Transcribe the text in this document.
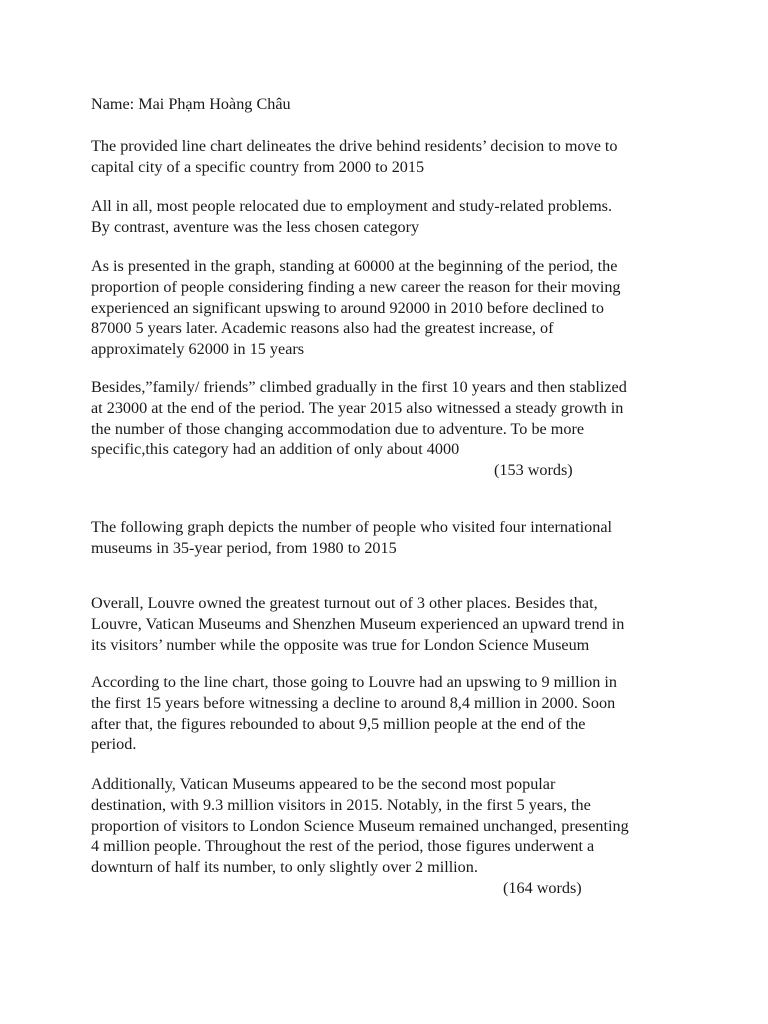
Name: Mai Phạm Hoàng Châu

The provided line chart delineates the drive behind residents’ decision to move to
capital city of a specific country from 2000 to 2015

All in all, most people relocated due to employment and study-related problems.
By contrast, aventure was the less chosen category

As is presented in the graph, standing at 60000 at the beginning of the period, the
proportion of people considering finding a new career the reason for their moving
experienced an significant upswing to around 92000 in 2010 before declined to
87000 5 years later. Academic reasons also had the greatest increase, of
approximately 62000 in 15 years

Besides,”family/ friends” climbed gradually in the first 10 years and then stablized
at 23000 at the end of the period. The year 2015 also witnessed a steady growth in
the number of those changing accommodation due to adventure. To be more
specific,this category had an addition of only about 4000

(153 words)

The following graph depicts the number of people who visited four international
museums in 35-year period, from 1980 to 2015

Overall, Louvre owned the greatest turnout out of 3 other places. Besides that,
Louvre, Vatican Museums and Shenzhen Museum experienced an upward trend in
its visitors’ number while the opposite was true for London Science Museum

According to the line chart, those going to Louvre had an upswing to 9 million in
the first 15 years before witnessing a decline to around 8,4 million in 2000. Soon
after that, the figures rebounded to about 9,5 million people at the end of the
period.

Additionally, Vatican Museums appeared to be the second most popular
destination, with 9.3 million visitors in 2015. Notably, in the first 5 years, the
proportion of visitors to London Science Museum remained unchanged, presenting
4 million people. Throughout the rest of the period, those figures underwent a
downturn of half its number, to only slightly over 2 million.

(164 words)
